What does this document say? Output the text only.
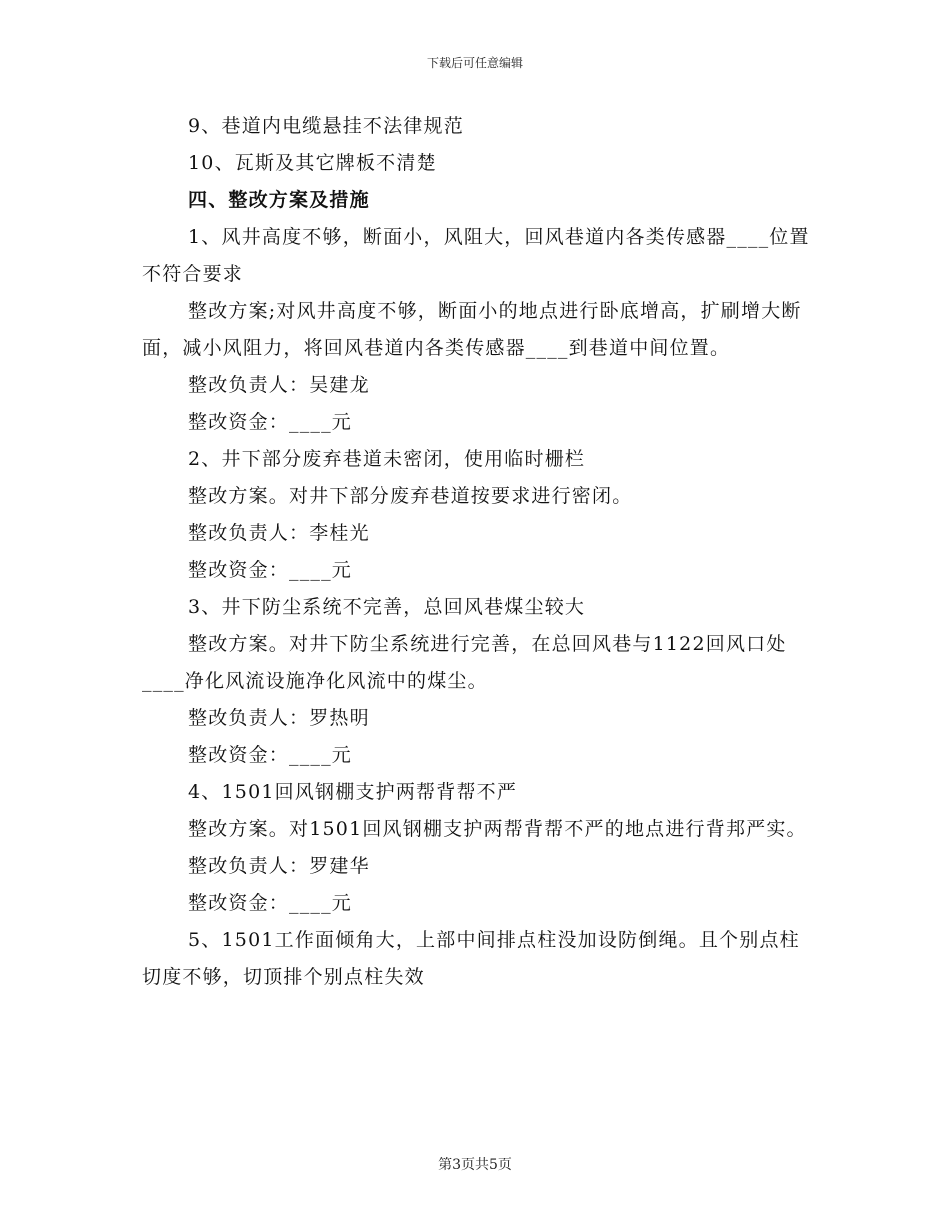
下载后可任意编辑

9、巷道内电缆悬挂不法律规范

10、瓦斯及其它牌板不清楚

四、整改方案及措施

1、风井高度不够，断面小，风阻大，回风巷道内各类传感器____位置不符合要求

整改方案;对风井高度不够，断面小的地点进行卧底增高，扩刷增大断面，减小风阻力，将回风巷道内各类传感器____到巷道中间位置。

整改负责人：吴建龙

整改资金：____元

2、井下部分废弃巷道未密闭，使用临时栅栏

整改方案。对井下部分废弃巷道按要求进行密闭。

整改负责人：李桂光

整改资金：____元

3、井下防尘系统不完善，总回风巷煤尘较大

整改方案。对井下防尘系统进行完善，在总回风巷与1122回风口处____净化风流设施净化风流中的煤尘。

整改负责人：罗热明

整改资金：____元

4、1501回风钢棚支护两帮背帮不严

整改方案。对1501回风钢棚支护两帮背帮不严的地点进行背邦严实。

整改负责人：罗建华

整改资金：____元

5、1501工作面倾角大，上部中间排点柱没加设防倒绳。且个别点柱切度不够，切顶排个别点柱失效

第3页共5页
